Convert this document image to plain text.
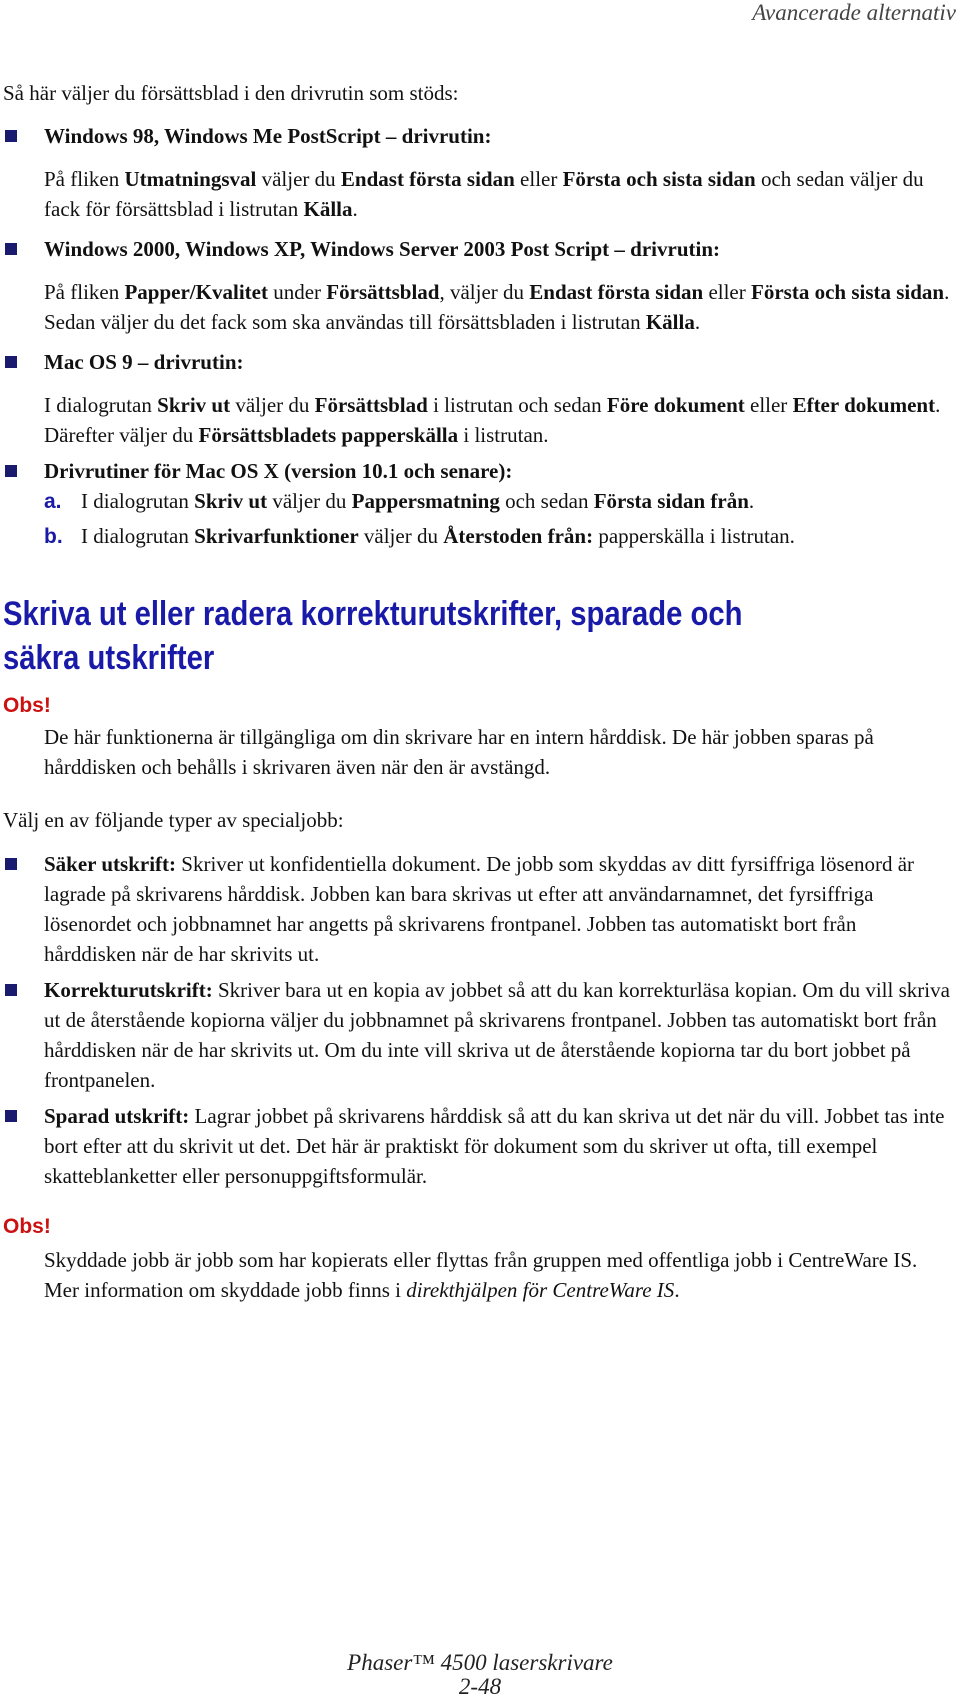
Avancerade alternativ

Så här väljer du försättsblad i den drivrutin som stöds:

Windows 98, Windows Me PostScript – drivrutin:
På fliken Utmatningsval väljer du Endast första sidan eller Första och sista sidan och sedan väljer du fack för försättsblad i listrutan Källa.
Windows 2000, Windows XP, Windows Server 2003 Post Script – drivrutin:
På fliken Papper/Kvalitet under Försättsblad, väljer du Endast första sidan eller Första och sista sidan. Sedan väljer du det fack som ska användas till försättsbladen i listrutan Källa.
Mac OS 9 – drivrutin:
I dialogrutan Skriv ut väljer du Försättsblad i listrutan och sedan Före dokument eller Efter dokument. Därefter väljer du Försättsbladets papperskälla i listrutan.
Drivrutiner för Mac OS X (version 10.1 och senare):

a. I dialogrutan Skriv ut väljer du Pappersmatning och sedan Första sidan från.

b. I dialogrutan Skrivarfunktioner väljer du Återstoden från: papperskälla i listrutan.

Skriva ut eller radera korrekturutskrifter, sparade och
säkra utskrifter
Obs!
De här funktionerna är tillgängliga om din skrivare har en intern hårddisk. De här jobben sparas på hårddisken och behålls i skrivaren även när den är avstängd.

Välj en av följande typer av specialjobb:

Säker utskrift: Skriver ut konfidentiella dokument. De jobb som skyddas av ditt fyrsiffriga lösenord är lagrade på skrivarens hårddisk. Jobben kan bara skrivas ut efter att användarnamnet, det fyrsiffriga lösenordet och jobbnamnet har angetts på skrivarens frontpanel. Jobben tas automatiskt bort från hårddisken när de har skrivits ut.
Korrekturutskrift: Skriver bara ut en kopia av jobbet så att du kan korrekturläsa kopian. Om du vill skriva ut de återstående kopiorna väljer du jobbnamnet på skrivarens frontpanel. Jobben tas automatiskt bort från hårddisken när de har skrivits ut. Om du inte vill skriva ut de återstående kopiorna tar du bort jobbet på frontpanelen.
Sparad utskrift: Lagrar jobbet på skrivarens hårddisk så att du kan skriva ut det när du vill. Jobbet tas inte bort efter att du skrivit ut det. Det här är praktiskt för dokument som du skriver ut ofta, till exempel skatteblanketter eller personuppgiftsformulär.
Obs!
Skyddade jobb är jobb som har kopierats eller flyttas från gruppen med offentliga jobb i CentreWare IS. Mer information om skyddade jobb finns i direkthjälpen för CentreWare IS.
Phaser™ 4500 laserskrivare
2-48
